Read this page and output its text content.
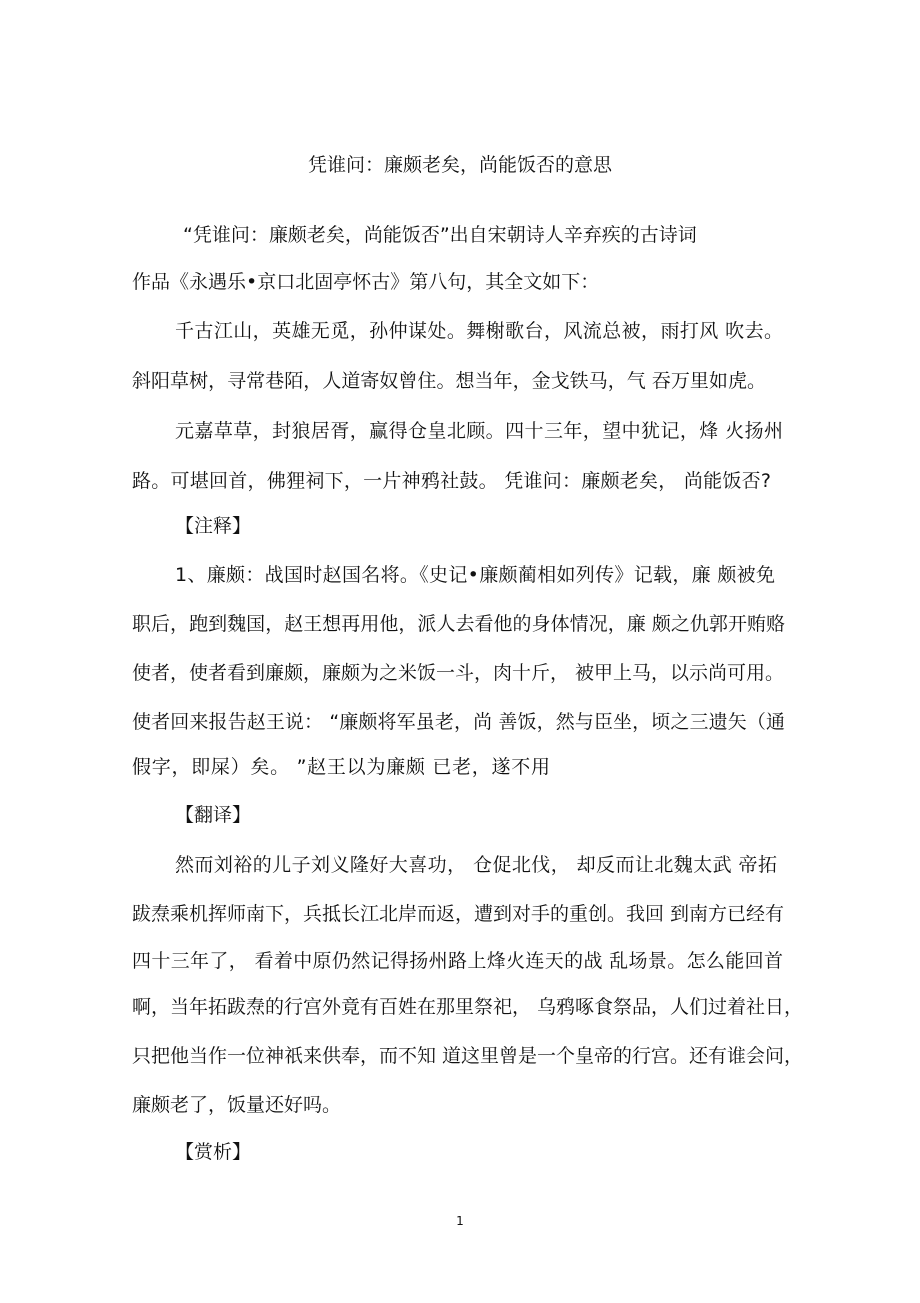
凭谁问：廉颇老矣，尚能饭否的意思
“凭谁问：廉颇老矣，尚能饭否”出自宋朝诗人辛弃疾的古诗词
作品《永遇乐•京口北固亭怀古》第八句，其全文如下：
千古江山，英雄无觅，孙仲谋处。舞榭歌台，风流总被，雨打风 吹去。
斜阳草树，寻常巷陌，人道寄奴曾住。想当年，金戈铁马，气 吞万里如虎。
元嘉草草，封狼居胥，赢得仓皇北顾。四十三年，望中犹记，烽 火扬州
路。可堪回首，佛狸祠下，一片神鸦社鼓。 凭谁问：廉颇老矣， 尚能饭否?
【注释】
1、廉颇：战国时赵国名将。《史记•廉颇蔺相如列传》记载，廉 颇被免
职后，跑到魏国，赵王想再用他，派人去看他的身体情况，廉 颇之仇郭开贿赂
使者，使者看到廉颇，廉颇为之米饭一斗，肉十斤， 被甲上马，以示尚可用。
使者回来报告赵王说： “廉颇将军虽老，尚 善饭，然与臣坐，顷之三遗矢（通
假字，即屎）矣。 ”赵王以为廉颇 已老，遂不用
【翻译】
然而刘裕的儿子刘义隆好大喜功， 仓促北伐， 却反而让北魏太武 帝拓
跋焘乘机挥师南下，兵抵长江北岸而返，遭到对手的重创。我回 到南方已经有
四十三年了， 看着中原仍然记得扬州路上烽火连天的战 乱场景。怎么能回首
啊，当年拓跋焘的行宫外竟有百姓在那里祭祀， 乌鸦啄食祭品，人们过着社日，
只把他当作一位神祇来供奉，而不知 道这里曾是一个皇帝的行宫。还有谁会问，
廉颇老了，饭量还好吗。
【赏析】
1
